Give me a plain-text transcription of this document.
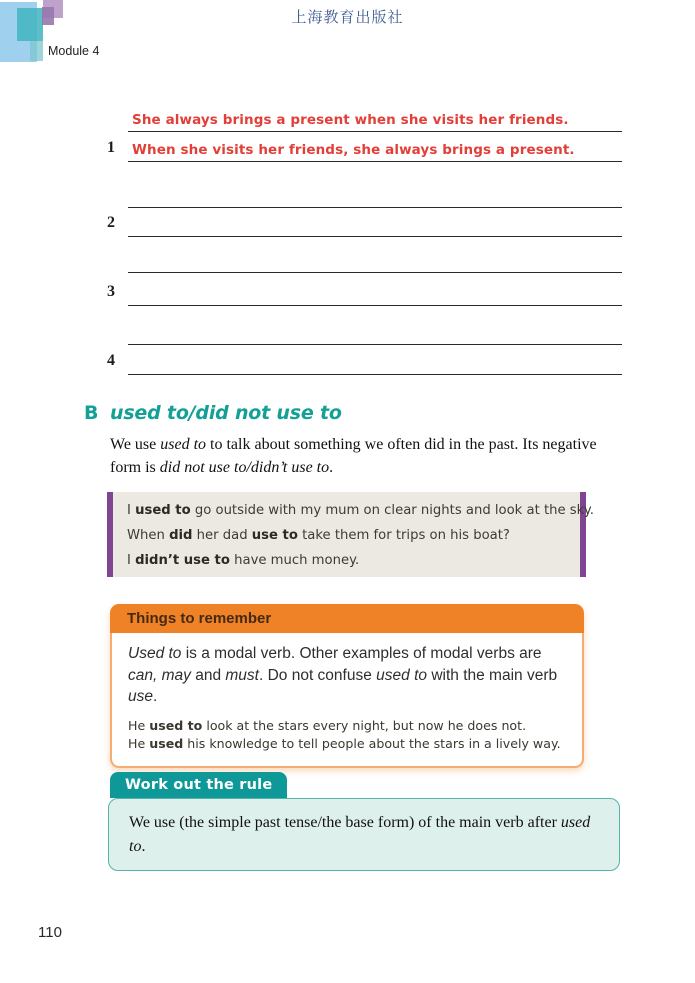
上海教育出版社
Module 4
1
She always brings a present when she visits her friends.
When she visits her friends, she always brings a present.
2
3
4
B used to/did not use to
We use used to to talk about something we often did in the past. Its negative form is did not use to/didn’t use to.
I used to go outside with my mum on clear nights and look at the sky.
When did her dad use to take them for trips on his boat?
I didn’t use to have much money.
Things to remember
Used to is a modal verb. Other examples of modal verbs are can, may and must. Do not confuse used to with the main verb use.
He used to look at the stars every night, but now he does not.
He used his knowledge to tell people about the stars in a lively way.
Work out the rule
We use (the simple past tense/the base form) of the main verb after used to.
110
